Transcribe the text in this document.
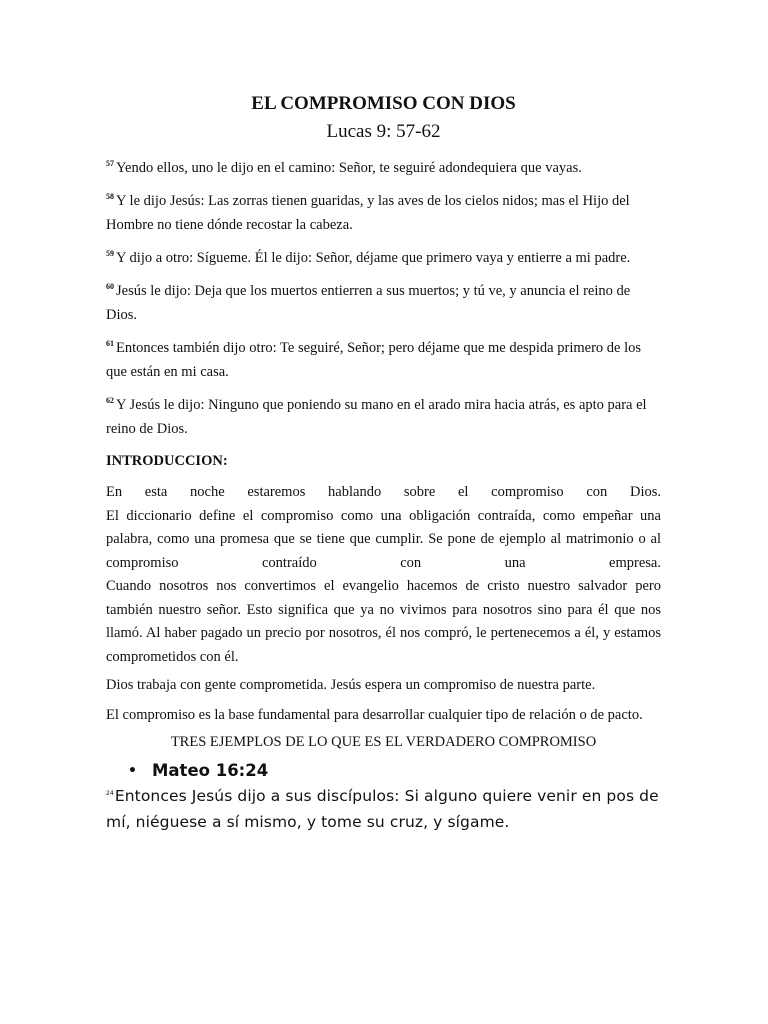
EL COMPROMISO CON DIOS

Lucas 9: 57-62

$^{57}$ Yendo ellos, uno le dijo en el camino: Señor, te seguiré adondequiera que vayas.

$^{58}$ Y le dijo Jesús: Las zorras tienen guaridas, y las aves de los cielos nidos; mas el Hijo del Hombre no tiene dónde recostar la cabeza.

$^{59}$ Y dijo a otro: Sígueme. Él le dijo: Señor, déjame que primero vaya y entierre a mi padre.

$^{60}$ Jesús le dijo: Deja que los muertos entierren a sus muertos; y tú ve, y anuncia el reino de Dios.

$^{61}$ Entonces también dijo otro: Te seguiré, Señor; pero déjame que me despida primero de los que están en mi casa.

$^{62}$ Y Jesús le dijo: Ninguno que poniendo su mano en el arado mira hacia atrás, es apto para el reino de Dios.

INTRODUCCION:

En esta noche estaremos hablando sobre el compromiso con Dios.

El diccionario define el compromiso como una obligación contraída, como empeñar una palabra, como una promesa que se tiene que cumplir. Se pone de ejemplo al matrimonio o al compromiso contraído con una empresa.

Cuando nosotros nos convertimos el evangelio hacemos de cristo nuestro salvador pero también nuestro señor. Esto significa que ya no vivimos para nosotros sino para él que nos llamó. Al haber pagado un precio por nosotros, él nos compró, le pertenecemos a él, y estamos comprometidos con él.

Dios trabaja con gente comprometida. Jesús espera un compromiso de nuestra parte.

El compromiso es la base fundamental para desarrollar cualquier tipo de relación o de pacto.

TRES EJEMPLOS DE LO QUE ES EL VERDADERO COMPROMISO

• Mateo 16:24

$^{24}$Entonces Jesús dijo a sus discípulos: Si alguno quiere venir en pos de mí, niéguese a sí mismo, y tome su cruz, y sígame.
